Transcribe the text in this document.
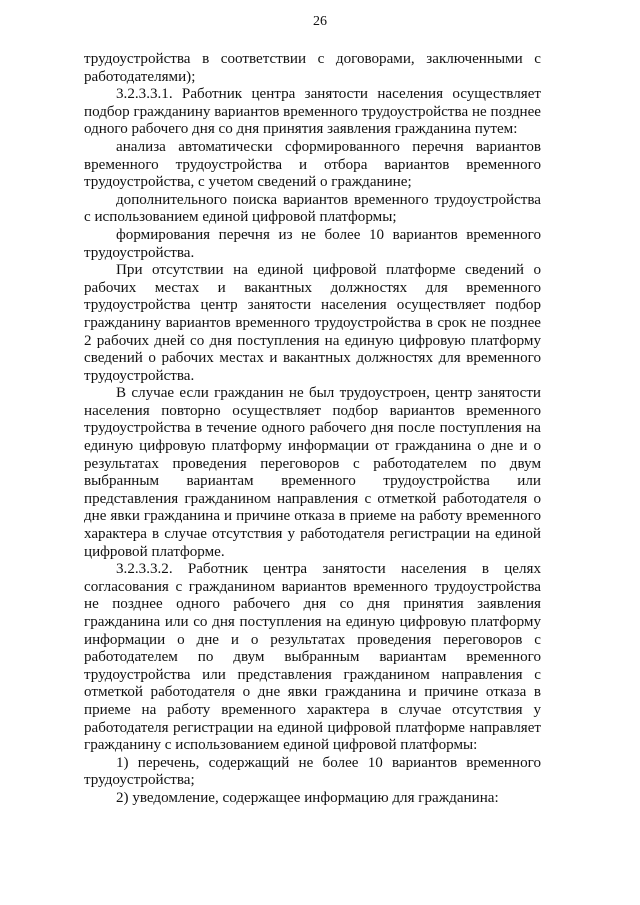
26

трудоустройства в соответствии с договорами, заключенными с работодателями);

3.2.3.3.1. Работник центра занятости населения осуществляет подбор гражданину вариантов временного трудоустройства не позднее одного рабочего дня со дня принятия заявления гражданина путем:

анализа автоматически сформированного перечня вариантов временного трудоустройства и отбора вариантов временного трудоустройства, с учетом сведений о гражданине;

дополнительного поиска вариантов временного трудоустройства с использованием единой цифровой платформы;

формирования перечня из не более 10 вариантов временного трудоустройства.

При отсутствии на единой цифровой платформе сведений о рабочих местах и вакантных должностях для временного трудоустройства центр занятости населения осуществляет подбор гражданину вариантов временного трудоустройства в срок не позднее 2 рабочих дней со дня поступления на единую цифровую платформу сведений о рабочих местах и вакантных должностях для временного трудоустройства.

В случае если гражданин не был трудоустроен, центр занятости населения повторно осуществляет подбор вариантов временного трудоустройства в течение одного рабочего дня после поступления на единую цифровую платформу информации от гражданина о дне и о результатах проведения переговоров с работодателем по двум выбранным вариантам временного трудоустройства или представления гражданином направления с отметкой работодателя о дне явки гражданина и причине отказа в приеме на работу временного характера в случае отсутствия у работодателя регистрации на единой цифровой платформе.

3.2.3.3.2. Работник центра занятости населения в целях согласования с гражданином вариантов временного трудоустройства не позднее одного рабочего дня со дня принятия заявления гражданина или со дня поступления на единую цифровую платформу информации о дне и о результатах проведения переговоров с работодателем по двум выбранным вариантам временного трудоустройства или представления гражданином направления с отметкой работодателя о дне явки гражданина и причине отказа в приеме на работу временного характера в случае отсутствия у работодателя регистрации на единой цифровой платформе направляет гражданину с использованием единой цифровой платформы:

1) перечень, содержащий не более 10 вариантов временного трудоустройства;

2) уведомление, содержащее информацию для гражданина:
